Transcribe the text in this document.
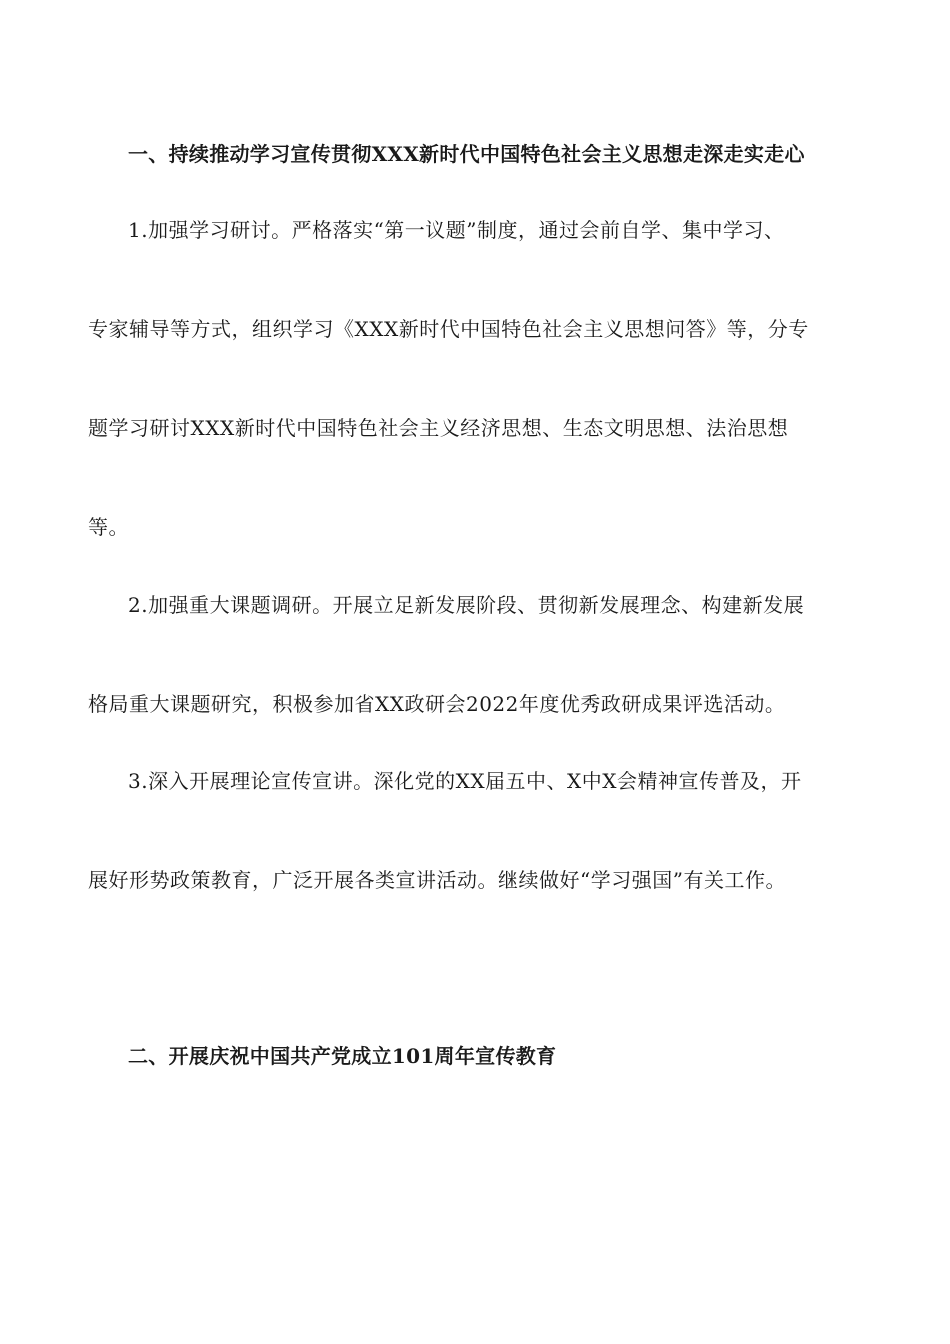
一、持续推动学习宣传贯彻XXX新时代中国特色社会主义思想走深走实走心
1.加强学习研讨。严格落实“第一议题”制度，通过会前自学、集中学习、
专家辅导等方式，组织学习《XXX新时代中国特色社会主义思想问答》等，分专
题学习研讨XXX新时代中国特色社会主义经济思想、生态文明思想、法治思想
等。
2.加强重大课题调研。开展立足新发展阶段、贯彻新发展理念、构建新发展
格局重大课题研究，积极参加省XX政研会2022年度优秀政研成果评选活动。
3.深入开展理论宣传宣讲。深化党的XX届五中、X中X会精神宣传普及，开
展好形势政策教育，广泛开展各类宣讲活动。继续做好“学习强国”有关工作。
二、开展庆祝中国共产党成立101周年宣传教育
